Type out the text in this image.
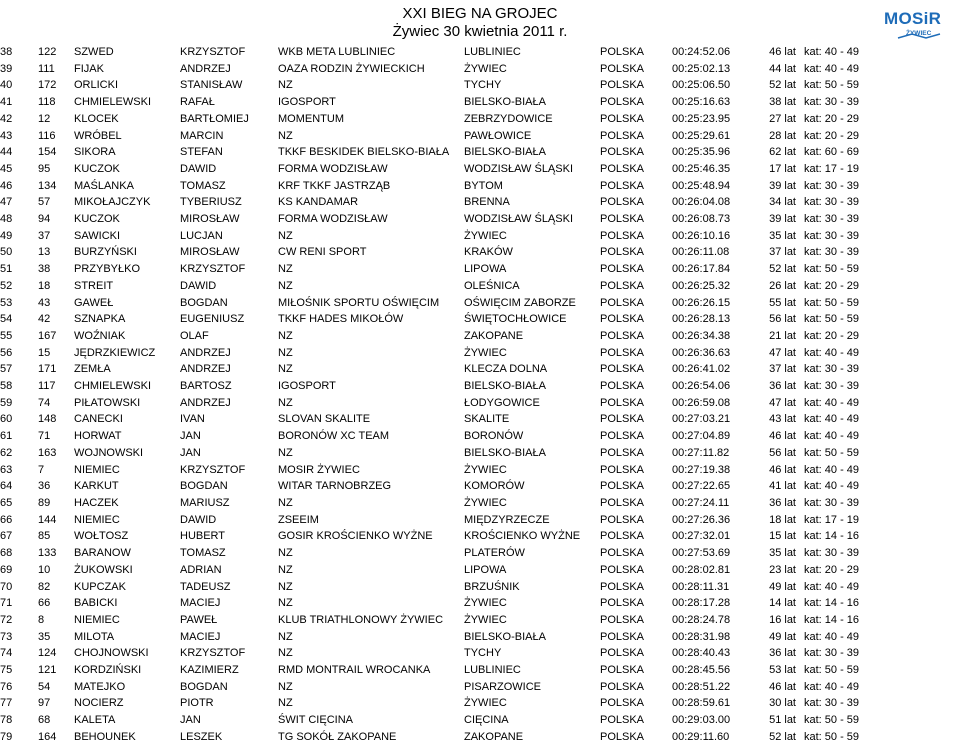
XXI BIEG NA GROJEC
Żywiec 30 kwietnia 2011 r.
MOSiR
ŻYWIEC
38	122	SZWED	KRZYSZTOF	WKB META LUBLINIEC	LUBLINIEC	POLSKA	00:24:52.06	46 lat	kat: 40 - 49
39	111	FIJAK	ANDRZEJ	OAZA RODZIN ŻYWIECKICH	ŻYWIEC	POLSKA	00:25:02.13	44 lat	kat: 40 - 49
40	172	ORLICKI	STANISŁAW	NZ	TYCHY	POLSKA	00:25:06.50	52 lat	kat: 50 - 59
41	118	CHMIELEWSKI	RAFAŁ	IGOSPORT	BIELSKO-BIAŁA	POLSKA	00:25:16.63	38 lat	kat: 30 - 39
42	12	KLOCEK	BARTŁOMIEJ	MOMENTUM	ZEBRZYDOWICE	POLSKA	00:25:23.95	27 lat	kat: 20 - 29
43	116	WRÓBEL	MARCIN	NZ	PAWŁOWICE	POLSKA	00:25:29.61	28 lat	kat: 20 - 29
44	154	SIKORA	STEFAN	TKKF BESKIDEK BIELSKO-BIAŁA	BIELSKO-BIAŁA	POLSKA	00:25:35.96	62 lat	kat: 60 - 69
45	95	KUCZOK	DAWID	FORMA WODZISŁAW	WODZISŁAW ŚLĄSKI	POLSKA	00:25:46.35	17 lat	kat: 17 - 19
46	134	MAŚLANKA	TOMASZ	KRF TKKF JASTRZĄB	BYTOM	POLSKA	00:25:48.94	39 lat	kat: 30 - 39
47	57	MIKOŁAJCZYK	TYBERIUSZ	KS KANDAMAR	BRENNA	POLSKA	00:26:04.08	34 lat	kat: 30 - 39
48	94	KUCZOK	MIROSŁAW	FORMA WODZISŁAW	WODZISŁAW ŚLĄSKI	POLSKA	00:26:08.73	39 lat	kat: 30 - 39
49	37	SAWICKI	LUCJAN	NZ	ŻYWIEC	POLSKA	00:26:10.16	35 lat	kat: 30 - 39
50	13	BURZYŃSKI	MIROSŁAW	CW RENI SPORT	KRAKÓW	POLSKA	00:26:11.08	37 lat	kat: 30 - 39
51	38	PRZYBYŁKO	KRZYSZTOF	NZ	LIPOWA	POLSKA	00:26:17.84	52 lat	kat: 50 - 59
52	18	STREIT	DAWID	NZ	OLEŚNICA	POLSKA	00:26:25.32	26 lat	kat: 20 - 29
53	43	GAWEŁ	BOGDAN	MIŁOŚNIK SPORTU OŚWIĘCIM	OŚWIĘCIM ZABORZE	POLSKA	00:26:26.15	55 lat	kat: 50 - 59
54	42	SZNAPKA	EUGENIUSZ	TKKF HADES MIKOŁÓW	ŚWIĘTOCHŁOWICE	POLSKA	00:26:28.13	56 lat	kat: 50 - 59
55	167	WOŹNIAK	OLAF	NZ	ZAKOPANE	POLSKA	00:26:34.38	21 lat	kat: 20 - 29
56	15	JĘDRZKIEWICZ	ANDRZEJ	NZ	ŻYWIEC	POLSKA	00:26:36.63	47 lat	kat: 40 - 49
57	171	ZEMŁA	ANDRZEJ	NZ	KLECZA DOLNA	POLSKA	00:26:41.02	37 lat	kat: 30 - 39
58	117	CHMIELEWSKI	BARTOSZ	IGOSPORT	BIELSKO-BIAŁA	POLSKA	00:26:54.06	36 lat	kat: 30 - 39
59	74	PIŁATOWSKI	ANDRZEJ	NZ	ŁODYGOWICE	POLSKA	00:26:59.08	47 lat	kat: 40 - 49
60	148	CANECKI	IVAN	SLOVAN SKALITE	SKALITE	POLSKA	00:27:03.21	43 lat	kat: 40 - 49
61	71	HORWAT	JAN	BORONÓW XC TEAM	BORONÓW	POLSKA	00:27:04.89	46 lat	kat: 40 - 49
62	163	WOJNOWSKI	JAN	NZ	BIELSKO-BIAŁA	POLSKA	00:27:11.82	56 lat	kat: 50 - 59
63	7	NIEMIEC	KRZYSZTOF	MOSIR ŻYWIEC	ŻYWIEC	POLSKA	00:27:19.38	46 lat	kat: 40 - 49
64	36	KARKUT	BOGDAN	WITAR TARNOBRZEG	KOMORÓW	POLSKA	00:27:22.65	41 lat	kat: 40 - 49
65	89	HACZEK	MARIUSZ	NZ	ŻYWIEC	POLSKA	00:27:24.11	36 lat	kat: 30 - 39
66	144	NIEMIEC	DAWID	ZSEEIM	MIĘDZYRZECZE	POLSKA	00:27:26.36	18 lat	kat: 17 - 19
67	85	WOŁTOSZ	HUBERT	GOSIR KROŚCIENKO WYŻNE	KROŚCIENKO WYŻNE	POLSKA	00:27:32.01	15 lat	kat: 14 - 16
68	133	BARANOW	TOMASZ	NZ	PLATERÓW	POLSKA	00:27:53.69	35 lat	kat: 30 - 39
69	10	ŻUKOWSKI	ADRIAN	NZ	LIPOWA	POLSKA	00:28:02.81	23 lat	kat: 20 - 29
70	82	KUPCZAK	TADEUSZ	NZ	BRZUŚNIK	POLSKA	00:28:11.31	49 lat	kat: 40 - 49
71	66	BABICKI	MACIEJ	NZ	ŻYWIEC	POLSKA	00:28:17.28	14 lat	kat: 14 - 16
72	8	NIEMIEC	PAWEŁ	KLUB TRIATHLONOWY ŻYWIEC	ŻYWIEC	POLSKA	00:28:24.78	16 lat	kat: 14 - 16
73	35	MILOTA	MACIEJ	NZ	BIELSKO-BIAŁA	POLSKA	00:28:31.98	49 lat	kat: 40 - 49
74	124	CHOJNOWSKI	KRZYSZTOF	NZ	TYCHY	POLSKA	00:28:40.43	36 lat	kat: 30 - 39
75	121	KORDZIŃSKI	KAZIMIERZ	RMD MONTRAIL WROCANKA	LUBLINIEC	POLSKA	00:28:45.56	53 lat	kat: 50 - 59
76	54	MATEJKO	BOGDAN	NZ	PISARZOWICE	POLSKA	00:28:51.22	46 lat	kat: 40 - 49
77	97	NOCIERZ	PIOTR	NZ	ŻYWIEC	POLSKA	00:28:59.61	30 lat	kat: 30 - 39
78	68	KALETA	JAN	ŚWIT CIĘCINA	CIĘCINA	POLSKA	00:29:03.00	51 lat	kat: 50 - 59
79	164	BEHOUNEK	LESZEK	TG SOKÓŁ ZAKOPANE	ZAKOPANE	POLSKA	00:29:11.60	52 lat	kat: 50 - 59
